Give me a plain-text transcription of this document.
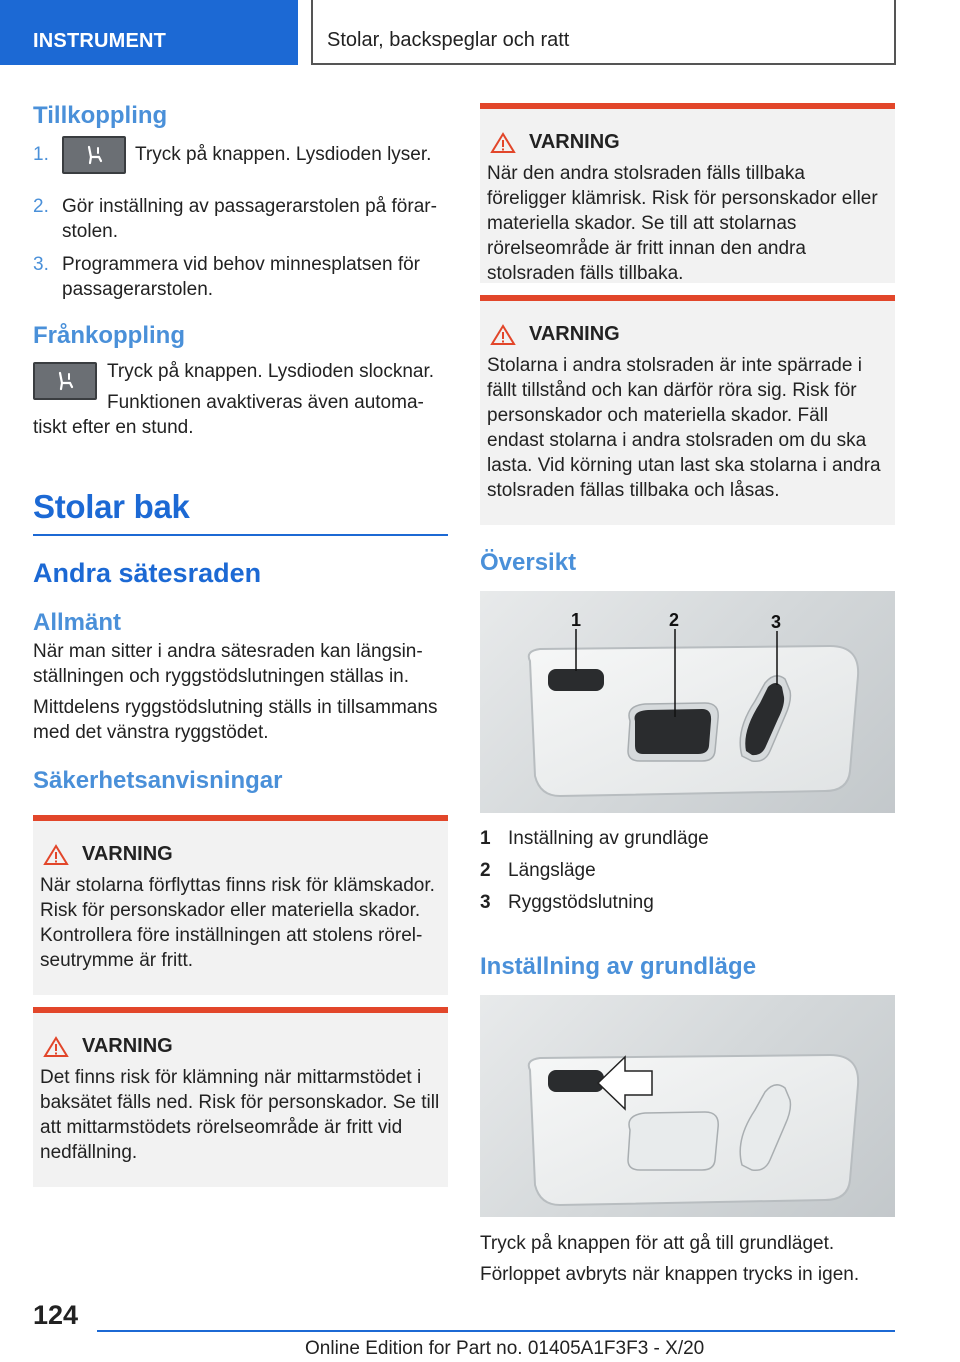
INSTRUMENT	Stolar, backspeglar och ratt
Tillkoppling
1.	Tryck på knappen. Lysdioden lyser.
2. Gör inställning av passagerarstolen på förarstolen.
3. Programmera vid behov minnesplatsen för passagerarstolen.
Frånkoppling

Tryck på knappen. Lysdioden slocknar.

Funktionen avaktiveras även automatiskt efter en stund.

Stolar bak
Andra sätesraden
Allmänt

När man sitter i andra sätesraden kan längsinställningen och ryggstödslutningen ställas in.

Mittdelens ryggstödslutning ställs in tillsammans med det vänstra ryggstödet.

Säkerhetsanvisningar
VARNING

När stolarna förflyttas finns risk för klämskador. Risk för personskador eller materiella skador. Kontrollera före inställningen att stolens rörelseutrymme är fritt.

VARNING

Det finns risk för klämning när mittarmstödet i baksätet fälls ned. Risk för personskador. Se till att mittarmstödets rörelseområde är fritt vid nedfällning.

VARNING

När den andra stolsraden fälls tillbaka föreligger klämrisk. Risk för personskador eller materiella skador. Se till att stolarnas rörelseområde är fritt innan den andra stolsraden fälls tillbaka.

VARNING

Stolarna i andra stolsraden är inte spärrade i fällt tillstånd och kan därför röra sig. Risk för personskador och materiella skador. Fäll endast stolarna i andra stolsraden om du ska lasta. Vid körning utan last ska stolarna i andra stolsraden fällas tillbaka och låsas.

Översikt
1	2	3
1 Inställning av grundläge
2 Längsläge
3 Ryggstödslutning
Inställning av grundläge

Tryck på knappen för att gå till grundläget.

Förloppet avbryts när knappen trycks in igen.

124
Online Edition for Part no. 01405A1F3F3 - X/20
